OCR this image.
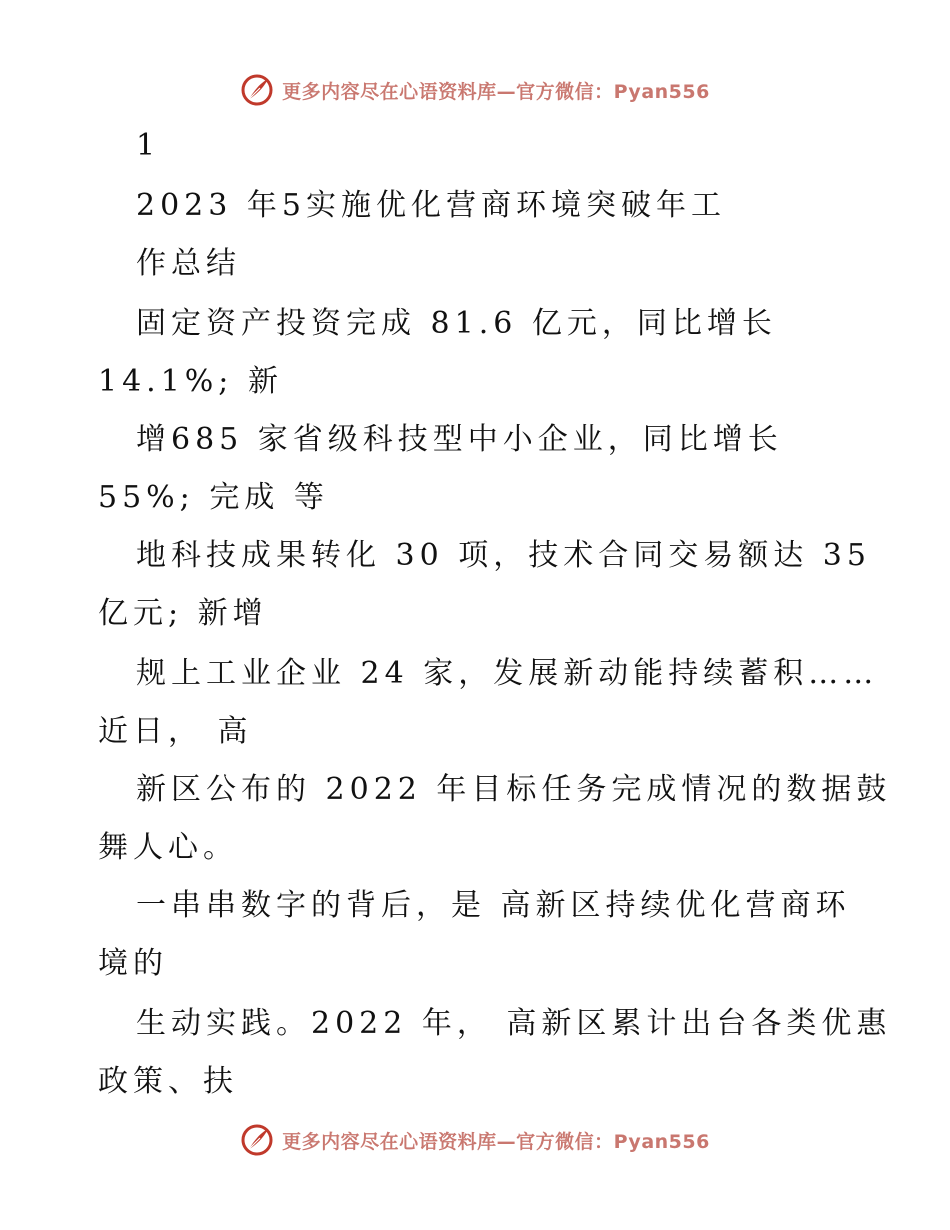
更多内容尽在心语资料库—官方微信：Pyan556
1
2023 年5实施优化营商环境突破年工
作总结
固定资产投资完成 81.6 亿元，同比增长
14.1%; 新
增685 家省级科技型中小企业，同比增长
55%; 完成 等
地科技成果转化 30 项，技术合同交易额达 35
亿元; 新增
规上工业企业 24 家，发展新动能持续蓄积……
近日， 高
新区公布的 2022 年目标任务完成情况的数据鼓
舞人心。
一串串数字的背后，是 高新区持续优化营商环
境的
生动实践。2022 年， 高新区累计出台各类优惠
政策、扶
更多内容尽在心语资料库—官方微信：Pyan556
